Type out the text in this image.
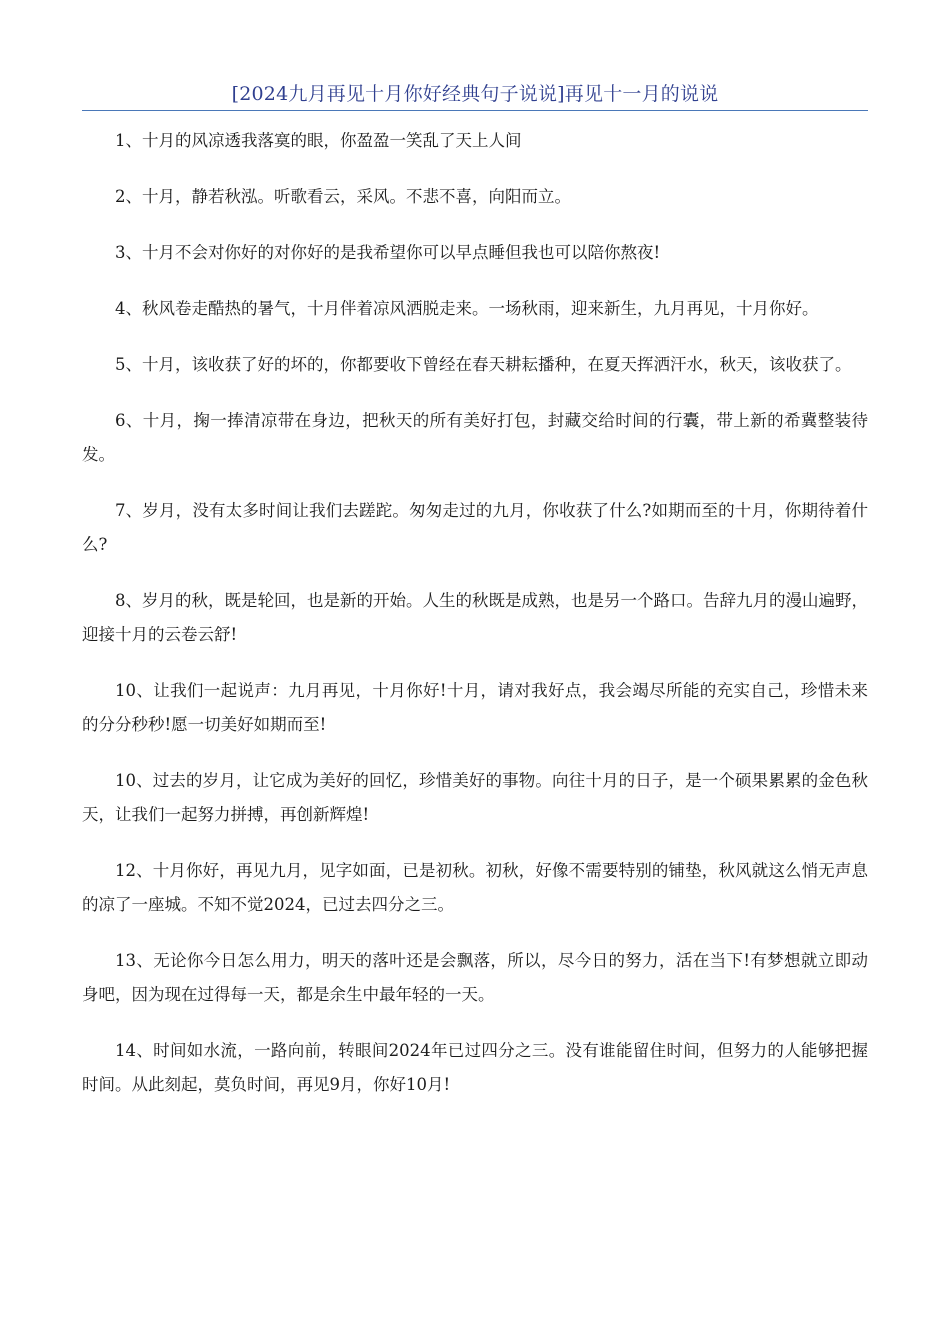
[2024九月再见十月你好经典句子说说]再见十一月的说说

1、十月的风凉透我落寞的眼，你盈盈一笑乱了天上人间

2、十月，静若秋泓。听歌看云，采风。不悲不喜，向阳而立。

3、十月不会对你好的对你好的是我希望你可以早点睡但我也可以陪你熬夜!

4、秋风卷走酷热的暑气，十月伴着凉风洒脱走来。一场秋雨，迎来新生，九月再见，十月你好。

5、十月，该收获了好的坏的，你都要收下曾经在春天耕耘播种，在夏天挥洒汗水，秋天，该收获了。

6、十月，掬一捧清凉带在身边，把秋天的所有美好打包，封藏交给时间的行囊，带上新的希冀整装待发。

7、岁月，没有太多时间让我们去蹉跎。匆匆走过的九月，你收获了什么?如期而至的十月，你期待着什么?

8、岁月的秋，既是轮回，也是新的开始。人生的秋既是成熟，也是另一个路口。告辞九月的漫山遍野，迎接十月的云卷云舒!

10、让我们一起说声：九月再见，十月你好!十月，请对我好点，我会竭尽所能的充实自己，珍惜未来的分分秒秒!愿一切美好如期而至!

10、过去的岁月，让它成为美好的回忆，珍惜美好的事物。向往十月的日子，是一个硕果累累的金色秋天，让我们一起努力拼搏，再创新辉煌!

12、十月你好，再见九月，见字如面，已是初秋。初秋，好像不需要特别的铺垫，秋风就这么悄无声息的凉了一座城。不知不觉2024，已过去四分之三。

13、无论你今日怎么用力，明天的落叶还是会飘落，所以，尽今日的努力，活在当下!有梦想就立即动身吧，因为现在过得每一天，都是余生中最年轻的一天。

14、时间如水流，一路向前，转眼间2024年已过四分之三。没有谁能留住时间，但努力的人能够把握时间。从此刻起，莫负时间，再见9月，你好10月!
